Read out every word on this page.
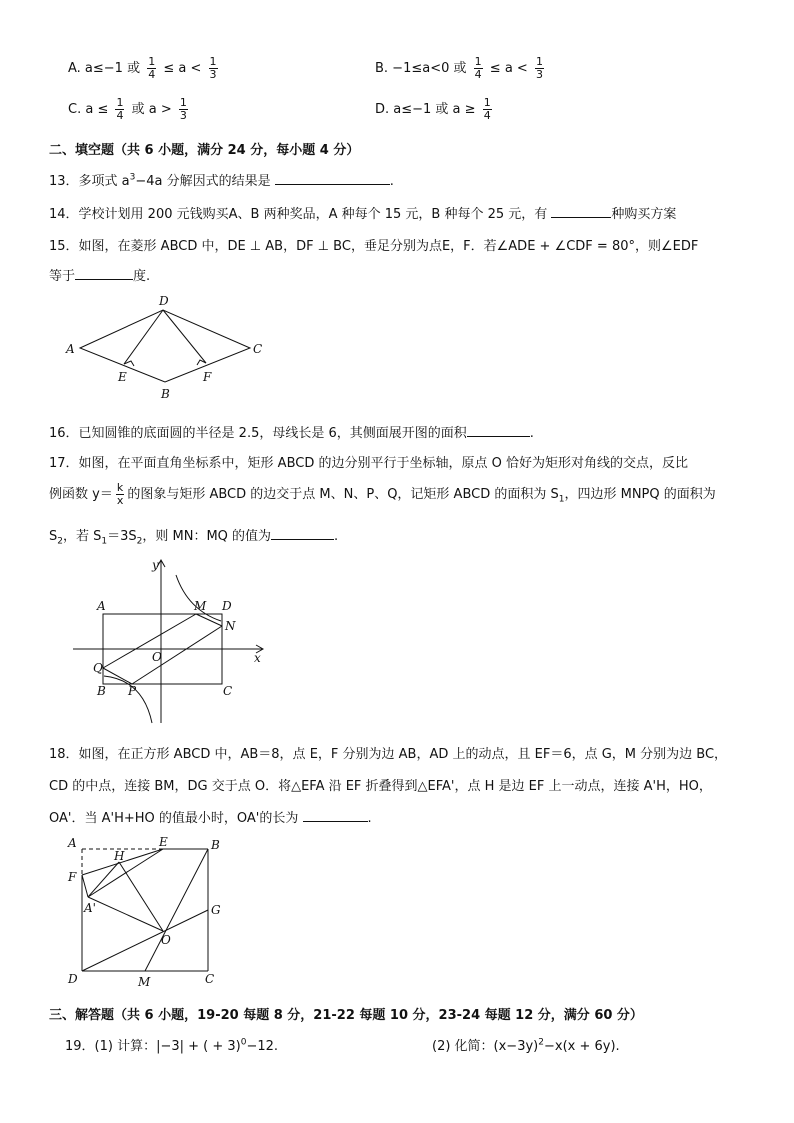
A. a≤−1 或 $\frac{1}{4} \le a < \frac{1}{3}$	B. −1≤a<0 或 $\frac{1}{4} \le a < \frac{1}{3}$
C. $a \le \frac{1}{4}$ 或 $a > \frac{1}{3}$	D. a≤−1 或 $a \ge \frac{1}{4}$
二、填空题（共 6 小题，满分 24 分，每小题 4 分）
13．多项式 $a^3-4a$ 分解因式的结果是	.
14．学校计划用 200 元钱购买A、B 两种奖品，A 种每个 15 元，B 种每个 25 元，有	种购买方案
15．如图，在菱形 ABCD 中，DE ⊥ AB，DF ⊥ BC，垂足分别为点E，F．若∠ADE + ∠CDF = 80°，则∠EDF
等于	度.
D
A	C
E	F
B
16．已知圆锥的底面圆的半径是 2.5，母线长是 6，其侧面展开图的面积	.
17．如图，在平面直角坐标系中，矩形 ABCD 的边分别平行于坐标轴，原点 O 恰好为矩形对角线的交点，反比
例函数 $y= \frac{k}{x}$ 的图象与矩形 ABCD 的边交于点 M、N、P、Q，记矩形 ABCD 的面积为 $S_1$，四边形 MNPQ 的面积为
$S_2$，若 $S_1=3S_2$，则 MN：MQ 的值为	.
y
x
O
A	M D
N
Q
B P	C
18．如图，在正方形 ABCD 中，AB＝8，点 E，F 分别为边 AB，AD 上的动点，且 EF＝6，点 G，M 分别为边 BC，
CD 的中点，连接 BM，DG 交于点 O．将△EFA 沿 EF 折叠得到△EFA'，点 H 是边 EF 上一动点，连接 A'H，HO，
OA'．当 A'H+HO 的值最小时，OA'的长为	.
A	E	B
H
F
A'	G
O
D	M	C
三、解答题（共 6 小题，19-20 每题 8 分，21-22 每题 10 分，23-24 每题 12 分，满分 60 分）
19．(1) 计算：|−3| + ( + 3)$^0$−12.	(2) 化简：$(x-3y)^2-x(x + 6y)$.
